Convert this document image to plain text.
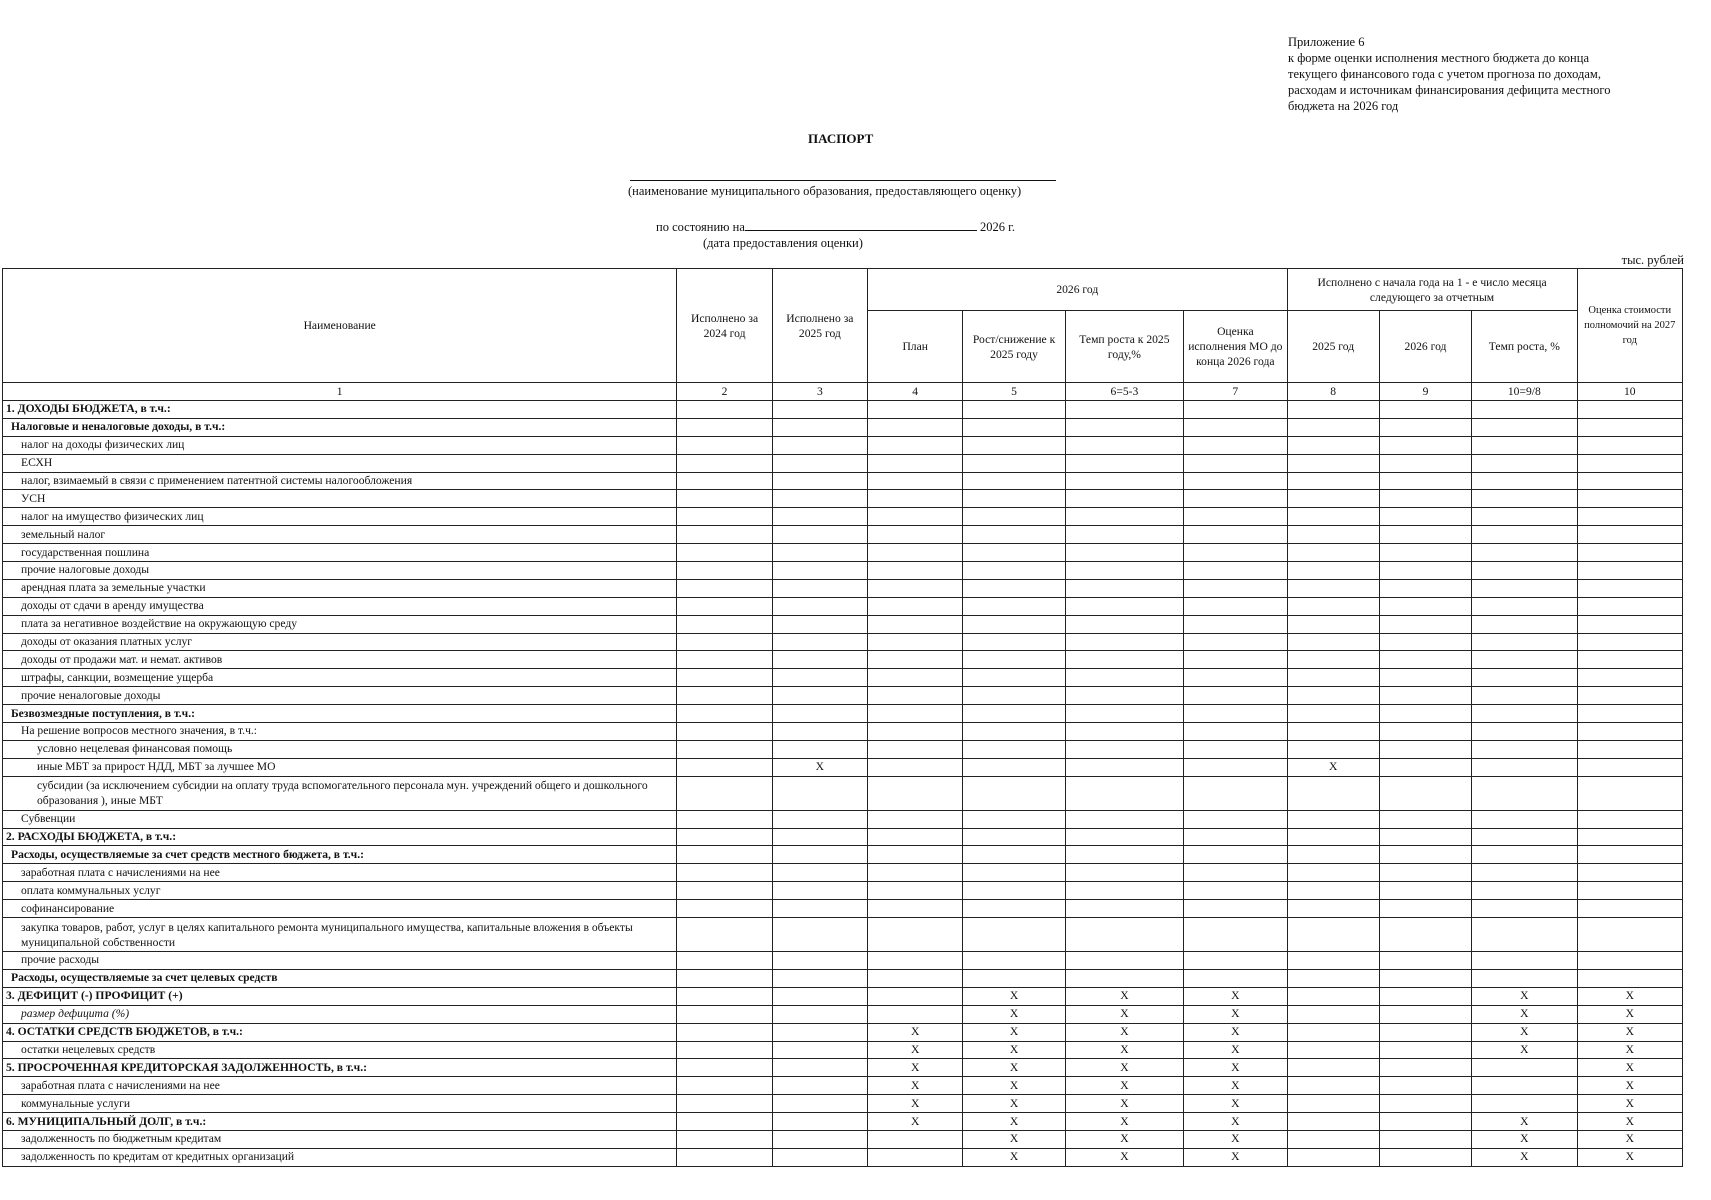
Приложение 6
к форме оценки исполнения местного бюджета до конца
текущего финансового года с учетом прогноза по доходам,
расходам и источникам финансирования дефицита местного
бюджета на 2026 год
ПАСПОРТ
(наименование муниципального образования, предоставляющего оценку)
по состоянию на	2026 г.
(дата предоставления оценки)
тыс. рублей
Наименование	Исполнено за 2024 год	Исполнено за 2025 год	2026 год				Исполнено с начала года на 1 - е число месяца следующего за отчетным			Оценка стоимости полномочий на 2027 год
			План	Рост/снижение к 2025 году	Темп роста к 2025 году,%	Оценка исполнения МО до конца 2026 года	2025 год	2026 год	Темп роста, %	
1	2	3	4	5	6=5-3	7	8	9	10=9/8	10
1. ДОХОДЫ БЮДЖЕТА, в т.ч.:										
Налоговые и неналоговые доходы, в т.ч.:										
налог на доходы физических лиц										
ЕСХН										
налог, взимаемый в связи с применением патентной системы налогообложения										
УСН										
налог на имущество физических лиц										
земельный налог										
государственная пошлина										
прочие налоговые доходы										
арендная плата за земельные участки										
доходы от сдачи в аренду имущества										
плата за негативное воздействие на окружающую среду										
доходы от оказания платных услуг										
доходы от продажи мат. и немат. активов										
штрафы, санкции, возмещение ущерба										
прочие неналоговые доходы										
Безвозмездные поступления, в т.ч.:										
На решение вопросов местного значения, в т.ч.:										
условно нецелевая финансовая помощь										
иные МБТ за прирост НДД, МБТ за лучшее МО		X					X			
субсидии (за исключением субсидии на оплату труда вспомогательного персонала мун. учреждений общего и дошкольного образования ), иные МБТ										
Субвенции										
2. РАСХОДЫ БЮДЖЕТА, в т.ч.:										
Расходы, осуществляемые за счет средств местного бюджета, в т.ч.:										
заработная плата с начислениями на нее										
оплата коммунальных услуг										
софинансирование										
закупка товаров, работ, услуг в целях капитального ремонта муниципального имущества, капитальные вложения в объекты муниципальной собственности										
прочие расходы										
Расходы, осуществляемые за счет целевых средств										
3. ДЕФИЦИТ (-) ПРОФИЦИТ (+)				X	X	X			X	X
размер дефицита (%)				X	X	X			X	X
4. ОСТАТКИ СРЕДСТВ БЮДЖЕТОВ, в т.ч.:			X	X	X	X			X	X
остатки нецелевых средств			X	X	X	X			X	X
5. ПРОСРОЧЕННАЯ КРЕДИТОРСКАЯ ЗАДОЛЖЕННОСТЬ, в т.ч.:			X	X	X	X				X
заработная плата с начислениями на нее			X	X	X	X				X
коммунальные услуги			X	X	X	X				X
6. МУНИЦИПАЛЬНЫЙ ДОЛГ, в т.ч.:			X	X	X	X			X	X
задолженность по бюджетным кредитам				X	X	X			X	X
задолженность по кредитам от кредитных организаций				X	X	X			X	X
